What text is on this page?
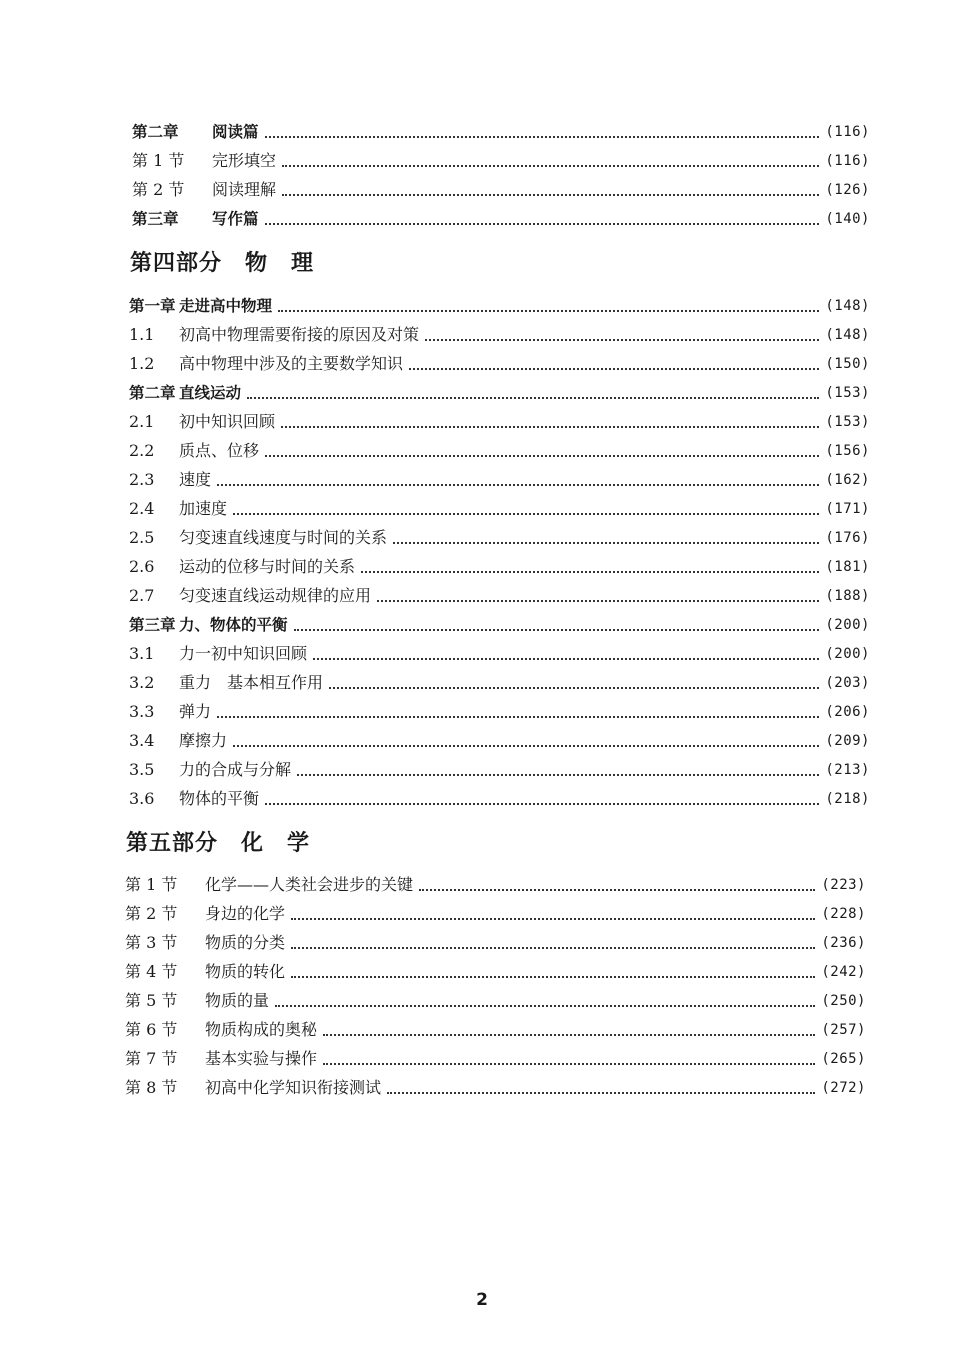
第二章	阅读篇	(116)
第 1 节	完形填空	(116)
第 2 节	阅读理解	(126)
第三章	写作篇	(140)
第四部分　物　理
第一章 走进高中物理	(148)
1.1	初高中物理需要衔接的原因及对策	(148)
1.2	高中物理中涉及的主要数学知识	(150)
第二章 直线运动	(153)
2.1	初中知识回顾	(153)
2.2	质点、位移	(156)
2.3	速度	(162)
2.4	加速度	(171)
2.5	匀变速直线速度与时间的关系	(176)
2.6	运动的位移与时间的关系	(181)
2.7	匀变速直线运动规律的应用	(188)
第三章 力、物体的平衡	(200)
3.1	力一初中知识回顾	(200)
3.2	重力　基本相互作用	(203)
3.3	弹力	(206)
3.4	摩擦力	(209)
3.5	力的合成与分解	(213)
3.6	物体的平衡	(218)
第五部分　化　学
第 1 节	化学——人类社会进步的关键	(223)
第 2 节	身边的化学	(228)
第 3 节	物质的分类	(236)
第 4 节	物质的转化	(242)
第 5 节	物质的量	(250)
第 6 节	物质构成的奥秘	(257)
第 7 节	基本实验与操作	(265)
第 8 节	初高中化学知识衔接测试	(272)
2
